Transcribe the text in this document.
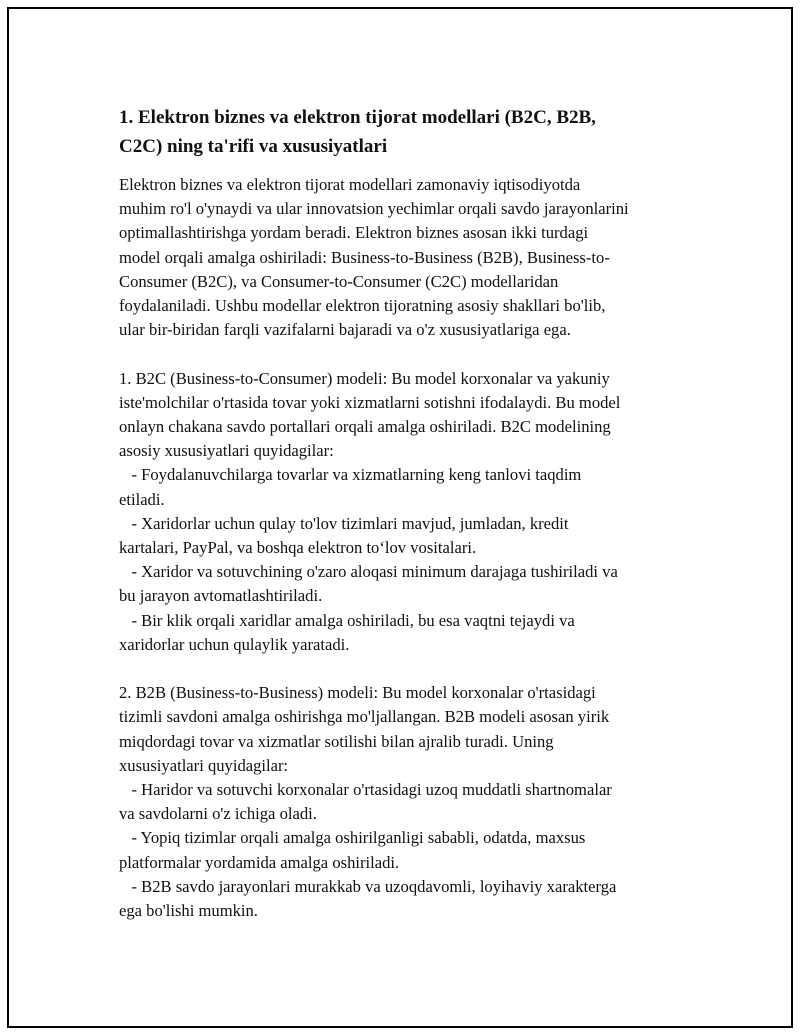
1. Elektron biznes va elektron tijorat modellari (B2C, B2B,
C2C) ning ta'rifi va xususiyatlari
Elektron biznes va elektron tijorat modellari zamonaviy iqtisodiyotda
muhim ro'l o'ynaydi va ular innovatsion yechimlar orqali savdo jarayonlarini
optimallashtirishga yordam beradi. Elektron biznes asosan ikki turdagi
model orqali amalga oshiriladi: Business-to-Business (B2B), Business-to-
Consumer (B2C), va Consumer-to-Consumer (C2C) modellaridan
foydalaniladi. Ushbu modellar elektron tijoratning asosiy shakllari bo'lib,
ular bir-biridan farqli vazifalarni bajaradi va o'z xususiyatlariga ega.
1. B2C (Business-to-Consumer) modeli: Bu model korxonalar va yakuniy
iste'molchilar o'rtasida tovar yoki xizmatlarni sotishni ifodalaydi. Bu model
onlayn chakana savdo portallari orqali amalga oshiriladi. B2C modelining
asosiy xususiyatlari quyidagilar:
- Foydalanuvchilarga tovarlar va xizmatlarning keng tanlovi taqdim
etiladi.
- Xaridorlar uchun qulay to'lov tizimlari mavjud, jumladan, kredit
kartalari, PayPal, va boshqa elektron to‘lov vositalari.
- Xaridor va sotuvchining o'zaro aloqasi minimum darajaga tushiriladi va
bu jarayon avtomatlashtiriladi.
- Bir klik orqali xaridlar amalga oshiriladi, bu esa vaqtni tejaydi va
xaridorlar uchun qulaylik yaratadi.
2. B2B (Business-to-Business) modeli: Bu model korxonalar o'rtasidagi
tizimli savdoni amalga oshirishga mo'ljallangan. B2B modeli asosan yirik
miqdordagi tovar va xizmatlar sotilishi bilan ajralib turadi. Uning
xususiyatlari quyidagilar:
- Haridor va sotuvchi korxonalar o'rtasidagi uzoq muddatli shartnomalar
va savdolarni o'z ichiga oladi.
- Yopiq tizimlar orqali amalga oshirilganligi sababli, odatda, maxsus
platformalar yordamida amalga oshiriladi.
- B2B savdo jarayonlari murakkab va uzoqdavomli, loyihaviy xarakterga
ega bo'lishi mumkin.
